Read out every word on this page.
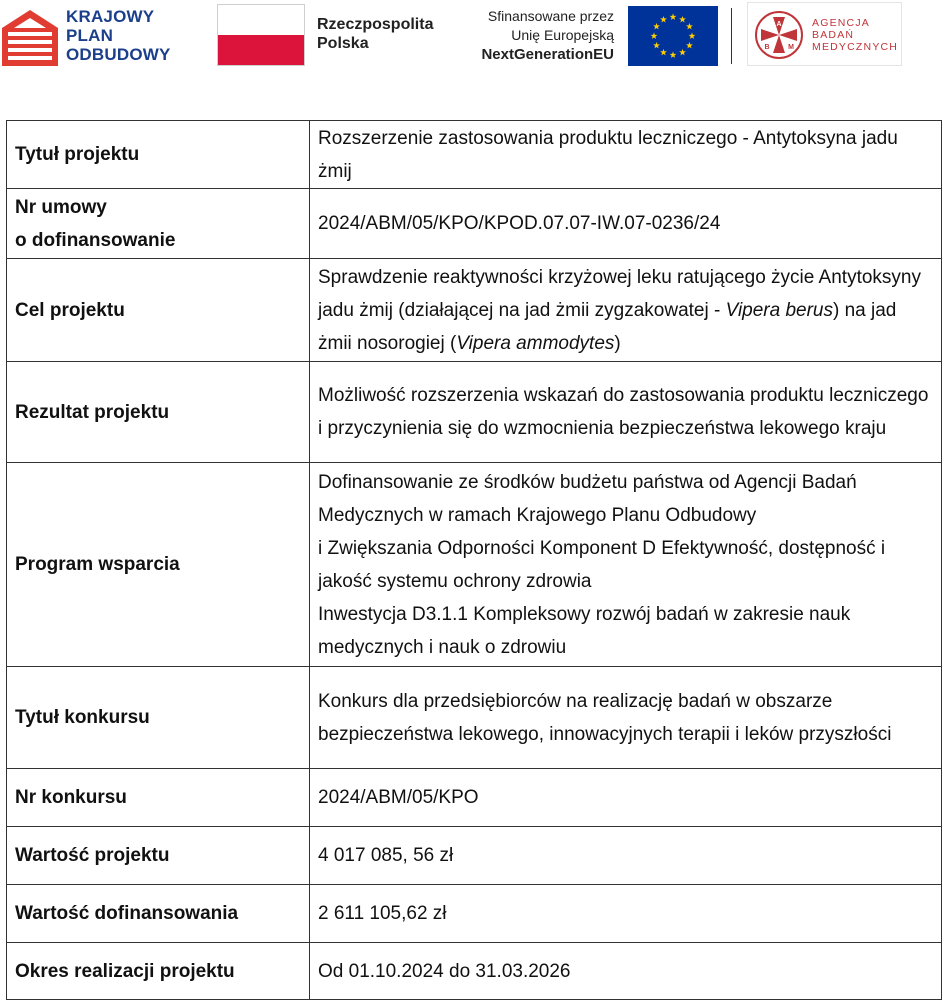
KRAJOWY
PLAN
ODBUDOWY
Rzeczpospolita
Polska
Sfinansowane przez
Unię Europejską
NextGenerationEU
A
B	M
AGENCJA
BADAŃ
MEDYCZNYCH
Tytuł projektu	Rozszerzenie zastosowania produktu leczniczego - Antytoksyna jadu żmij

Nr umowy
o dofinansowanie	2024/ABM/05/KPO/KPOD.07.07-IW.07-0236/24
Cel projektu	Sprawdzenie reaktywności krzyżowej leku ratującego życie Antytoksyny jadu żmij (działającej na jad żmii zygzakowatej - Vipera berus) na jad żmii nosorogiej (Vipera ammodytes)
Rezultat projektu	Możliwość rozszerzenia wskazań do zastosowania produktu leczniczego i przyczynienia się do wzmocnienia bezpieczeństwa lekowego kraju
Program wsparcia	Dofinansowanie ze środków budżetu państwa od Agencji Badań Medycznych w ramach Krajowego Planu Odbudowy
i Zwiększania Odporności Komponent D Efektywność, dostępność i jakość systemu ochrony zdrowia
Inwestycja D3.1.1 Kompleksowy rozwój badań w zakresie nauk medycznych i nauk o zdrowiu

Tytuł konkursu	Konkurs dla przedsiębiorców na realizację badań w obszarze bezpieczeństwa lekowego, innowacyjnych terapii i leków przyszłości
Nr konkursu	2024/ABM/05/KPO
Wartość projektu	4 017 085, 56 zł
Wartość dofinansowania	2 611 105,62 zł
Okres realizacji projektu	Od 01.10.2024 do 31.03.2026
